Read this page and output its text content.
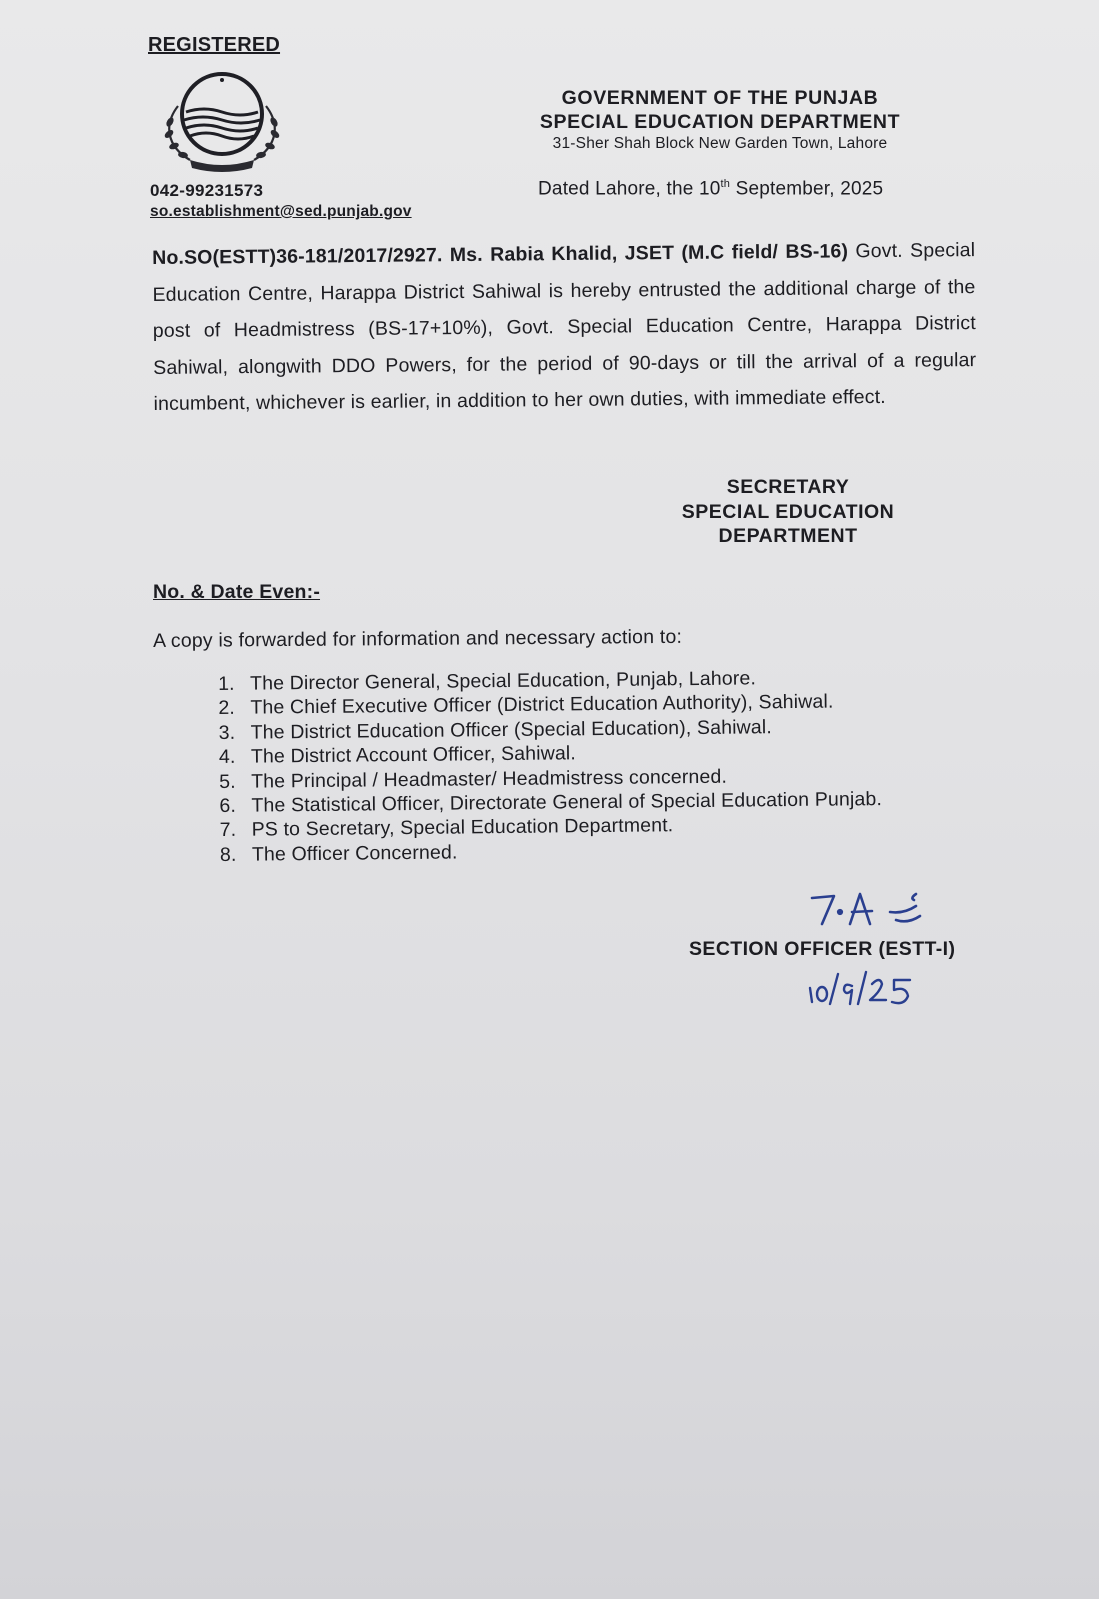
REGISTERED
GOVERNMENT OF THE PUNJAB
SPECIAL EDUCATION DEPARTMENT
31-Sher Shah Block New Garden Town, Lahore
042-99231573
so.establishment@sed.punjab.gov
Dated Lahore, the 10th September, 2025
No.SO(ESTT)36-181/2017/2927. Ms. Rabia Khalid, JSET (M.C field/ BS-16) Govt. Special Education Centre, Harappa District Sahiwal is hereby entrusted the additional charge of the post of Headmistress (BS-17+10%), Govt. Special Education Centre, Harappa District Sahiwal, alongwith DDO Powers, for the period of 90-days or till the arrival of a regular incumbent, whichever is earlier, in addition to her own duties, with immediate effect.
SECRETARY
SPECIAL EDUCATION
DEPARTMENT
No. & Date Even:-
A copy is forwarded for information and necessary action to:
1. The Director General, Special Education, Punjab, Lahore.
2. The Chief Executive Officer (District Education Authority), Sahiwal.
3. The District Education Officer (Special Education), Sahiwal.
4. The District Account Officer, Sahiwal.
5. The Principal / Headmaster/ Headmistress concerned.
6. The Statistical Officer, Directorate General of Special Education Punjab.
7. PS to Secretary, Special Education Department.
8. The Officer Concerned.
SECTION OFFICER (ESTT-I)
